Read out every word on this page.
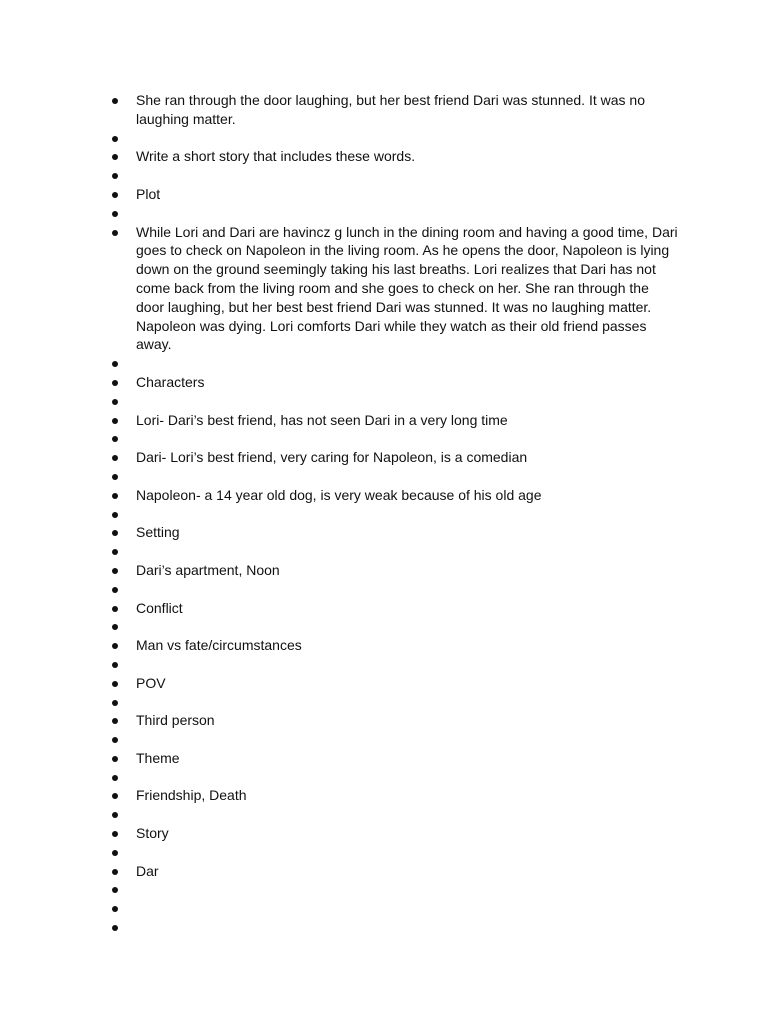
She ran through the door laughing, but her best friend Dari was stunned. It was no laughing matter.
Write a short story that includes these words.
Plot
While Lori and Dari are havincz g lunch in the dining room and having a good time, Dari goes to check on Napoleon in the living room. As he opens the door, Napoleon is lying down on the ground seemingly taking his last breaths. Lori realizes that Dari has not come back from the living room and she goes to check on her. She ran through the door laughing, but her best best friend Dari was stunned. It was no laughing matter. Napoleon was dying. Lori comforts Dari while they watch as their old friend passes away.
Characters
Lori- Dari’s best friend, has not seen Dari in a very long time
Dari- Lori’s best friend, very caring for Napoleon, is a comedian
Napoleon- a 14 year old dog, is very weak because of his old age
Setting
Dari’s apartment, Noon
Conflict
Man vs fate/circumstances
POV
Third person
Theme
Friendship, Death
Story
Dar
